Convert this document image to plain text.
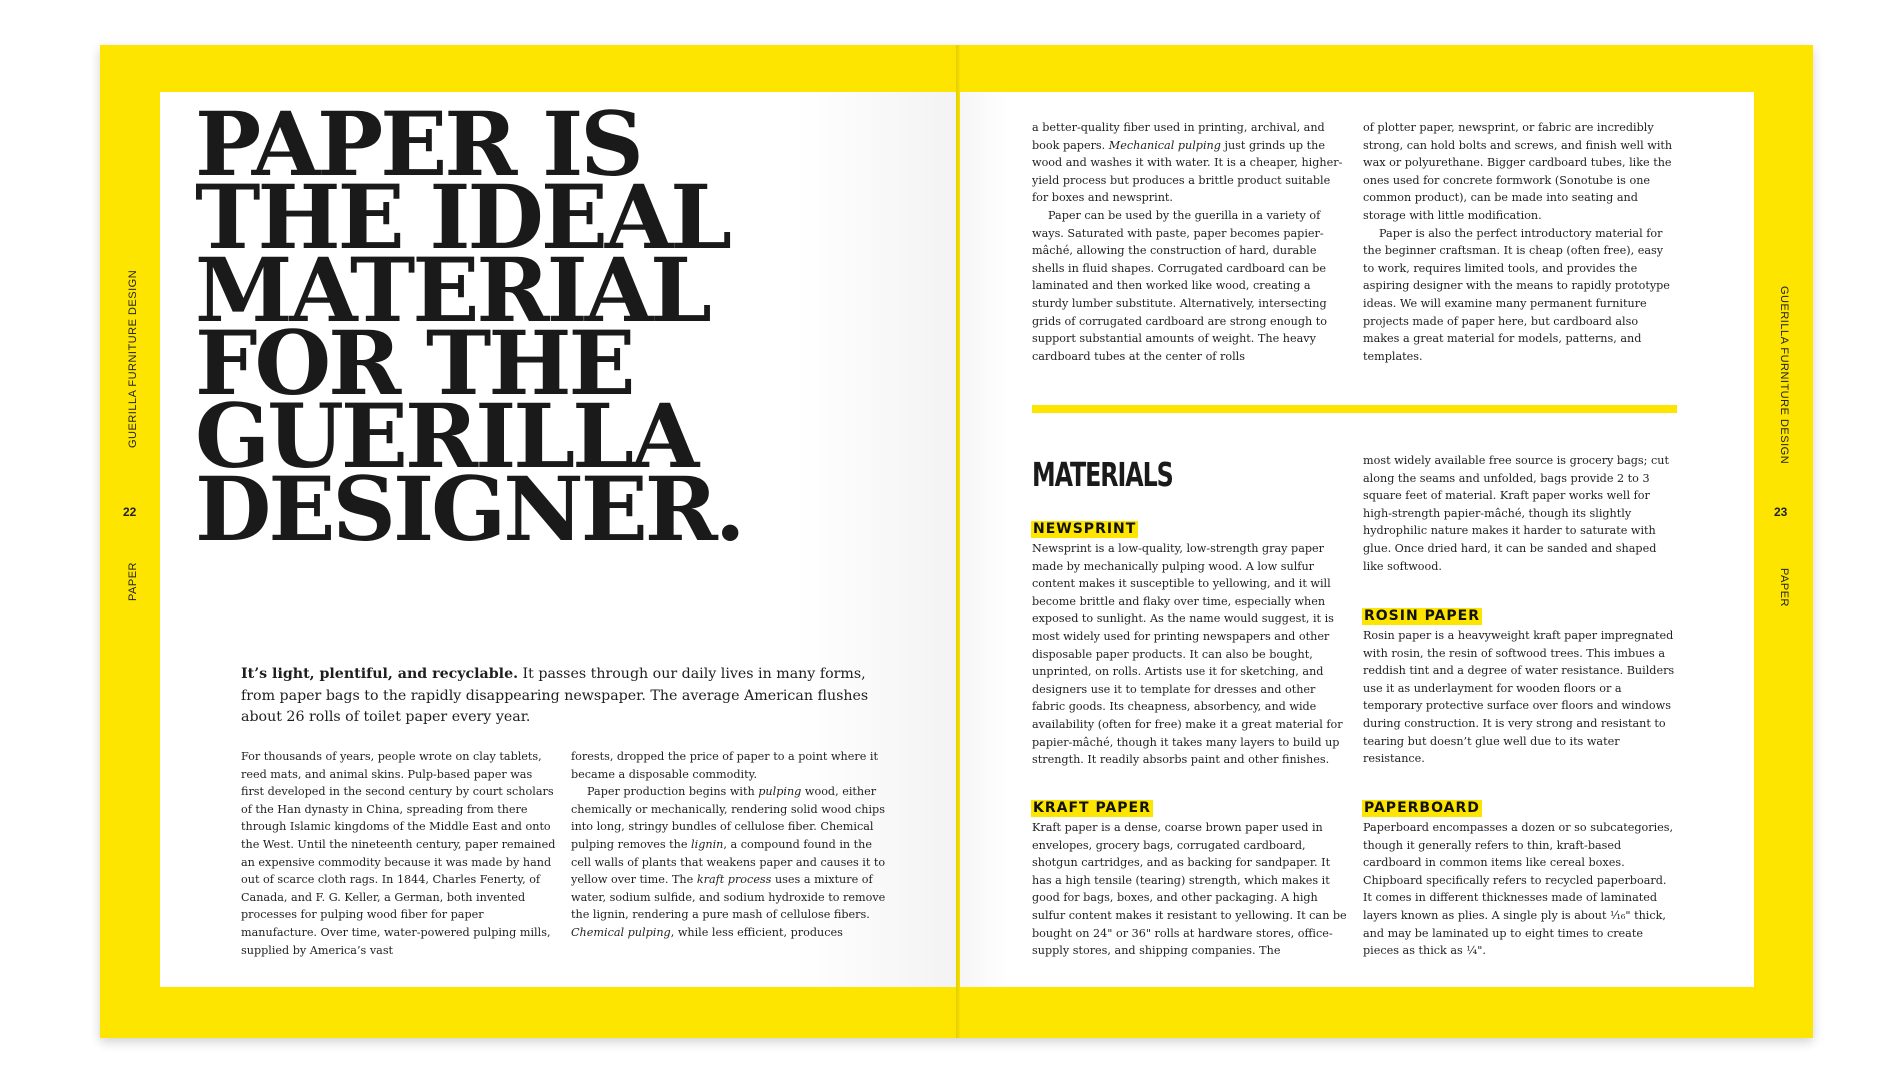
GUERILLA FURNITURE DESIGN
22
PAPER
GUERILLA FURNITURE DESIGN
23
PAPER
PAPER IS
THE IDEAL
MATERIAL
FOR THE
GUERILLA
DESIGNER.
It’s light, plentiful, and recyclable. It passes through our daily lives in many forms, from paper bags to the rapidly disappearing newspaper. The average American flushes about 26 rolls of toilet paper every year.

For thousands of years, people wrote on clay tablets, reed mats, and animal skins. Pulp-based paper was first developed in the second century by court scholars of the Han dynasty in China, spreading from there through Islamic kingdoms of the Middle East and onto the West. Until the nineteenth century, paper remained an expensive commodity because it was made by hand out of scarce cloth rags. In 1844, Charles Fenerty, of Canada, and F. G. Keller, a German, both invented processes for pulping wood fiber for paper manufacture. Over time, water-powered pulping mills, supplied by America’s vast

forests, dropped the price of paper to a point where it became a disposable commodity.

Paper production begins with pulping wood, either chemically or mechanically, rendering solid wood chips into long, stringy bundles of cellulose fiber. Chemical pulping removes the lignin, a compound found in the cell walls of plants that weakens paper and causes it to yellow over time. The kraft process uses a mixture of water, sodium sulfide, and sodium hydroxide to remove the lignin, rendering a pure mash of cellulose fibers. Chemical pulping, while less efficient, produces

a better-quality fiber used in printing, archival, and book papers. Mechanical pulping just grinds up the wood and washes it with water. It is a cheaper, higher-yield process but produces a brittle product suitable for boxes and newsprint.

Paper can be used by the guerilla in a variety of ways. Saturated with paste, paper becomes papier-mâché, allowing the construction of hard, durable shells in fluid shapes. Corrugated cardboard can be laminated and then worked like wood, creating a sturdy lumber substitute. Alternatively, intersecting grids of corrugated cardboard are strong enough to support substantial amounts of weight. The heavy cardboard tubes at the center of rolls

of plotter paper, newsprint, or fabric are incredibly strong, can hold bolts and screws, and finish well with wax or polyurethane. Bigger cardboard tubes, like the ones used for concrete formwork (Sonotube is one common product), can be made into seating and storage with little modification.

Paper is also the perfect introductory material for the beginner craftsman. It is cheap (often free), easy to work, requires limited tools, and provides the aspiring designer with the means to rapidly prototype ideas. We will examine many permanent furniture projects made of paper here, but cardboard also makes a great material for models, patterns, and templates.

MATERIALS
NEWSPRINT

Newsprint is a low-quality, low-strength gray paper made by mechanically pulping wood. A low sulfur content makes it susceptible to yellowing, and it will become brittle and flaky over time, especially when exposed to sunlight. As the name would suggest, it is most widely used for printing newspapers and other disposable paper products. It can also be bought, unprinted, on rolls. Artists use it for sketching, and designers use it to template for dresses and other fabric goods. Its cheapness, absorbency, and wide availability (often for free) make it a great material for papier-mâché, though it takes many layers to build up strength. It readily absorbs paint and other finishes.

most widely available free source is grocery bags; cut along the seams and unfolded, bags provide 2 to 3 square feet of material. Kraft paper works well for high-strength papier-mâché, though its slightly hydrophilic nature makes it harder to saturate with glue. Once dried hard, it can be sanded and shaped like softwood.

ROSIN PAPER

Rosin paper is a heavyweight kraft paper impregnated with rosin, the resin of softwood trees. This imbues a reddish tint and a degree of water resistance. Builders use it as underlayment for wooden floors or a temporary protective surface over floors and windows during construction. It is very strong and resistant to tearing but doesn’t glue well due to its water resistance.

KRAFT PAPER

Kraft paper is a dense, coarse brown paper used in envelopes, grocery bags, corrugated cardboard, shotgun cartridges, and as backing for sandpaper. It has a high tensile (tearing) strength, which makes it good for bags, boxes, and other packaging. A high sulfur content makes it resistant to yellowing. It can be bought on 24" or 36" rolls at hardware stores, office-supply stores, and shipping companies. The

PAPERBOARD

Paperboard encompasses a dozen or so subcategories, though it generally refers to thin, kraft-based cardboard in common items like cereal boxes. Chipboard specifically refers to recycled paperboard. It comes in different thicknesses made of laminated layers known as plies. A single ply is about ¹⁄₁₆" thick, and may be laminated up to eight times to create pieces as thick as ¼".
